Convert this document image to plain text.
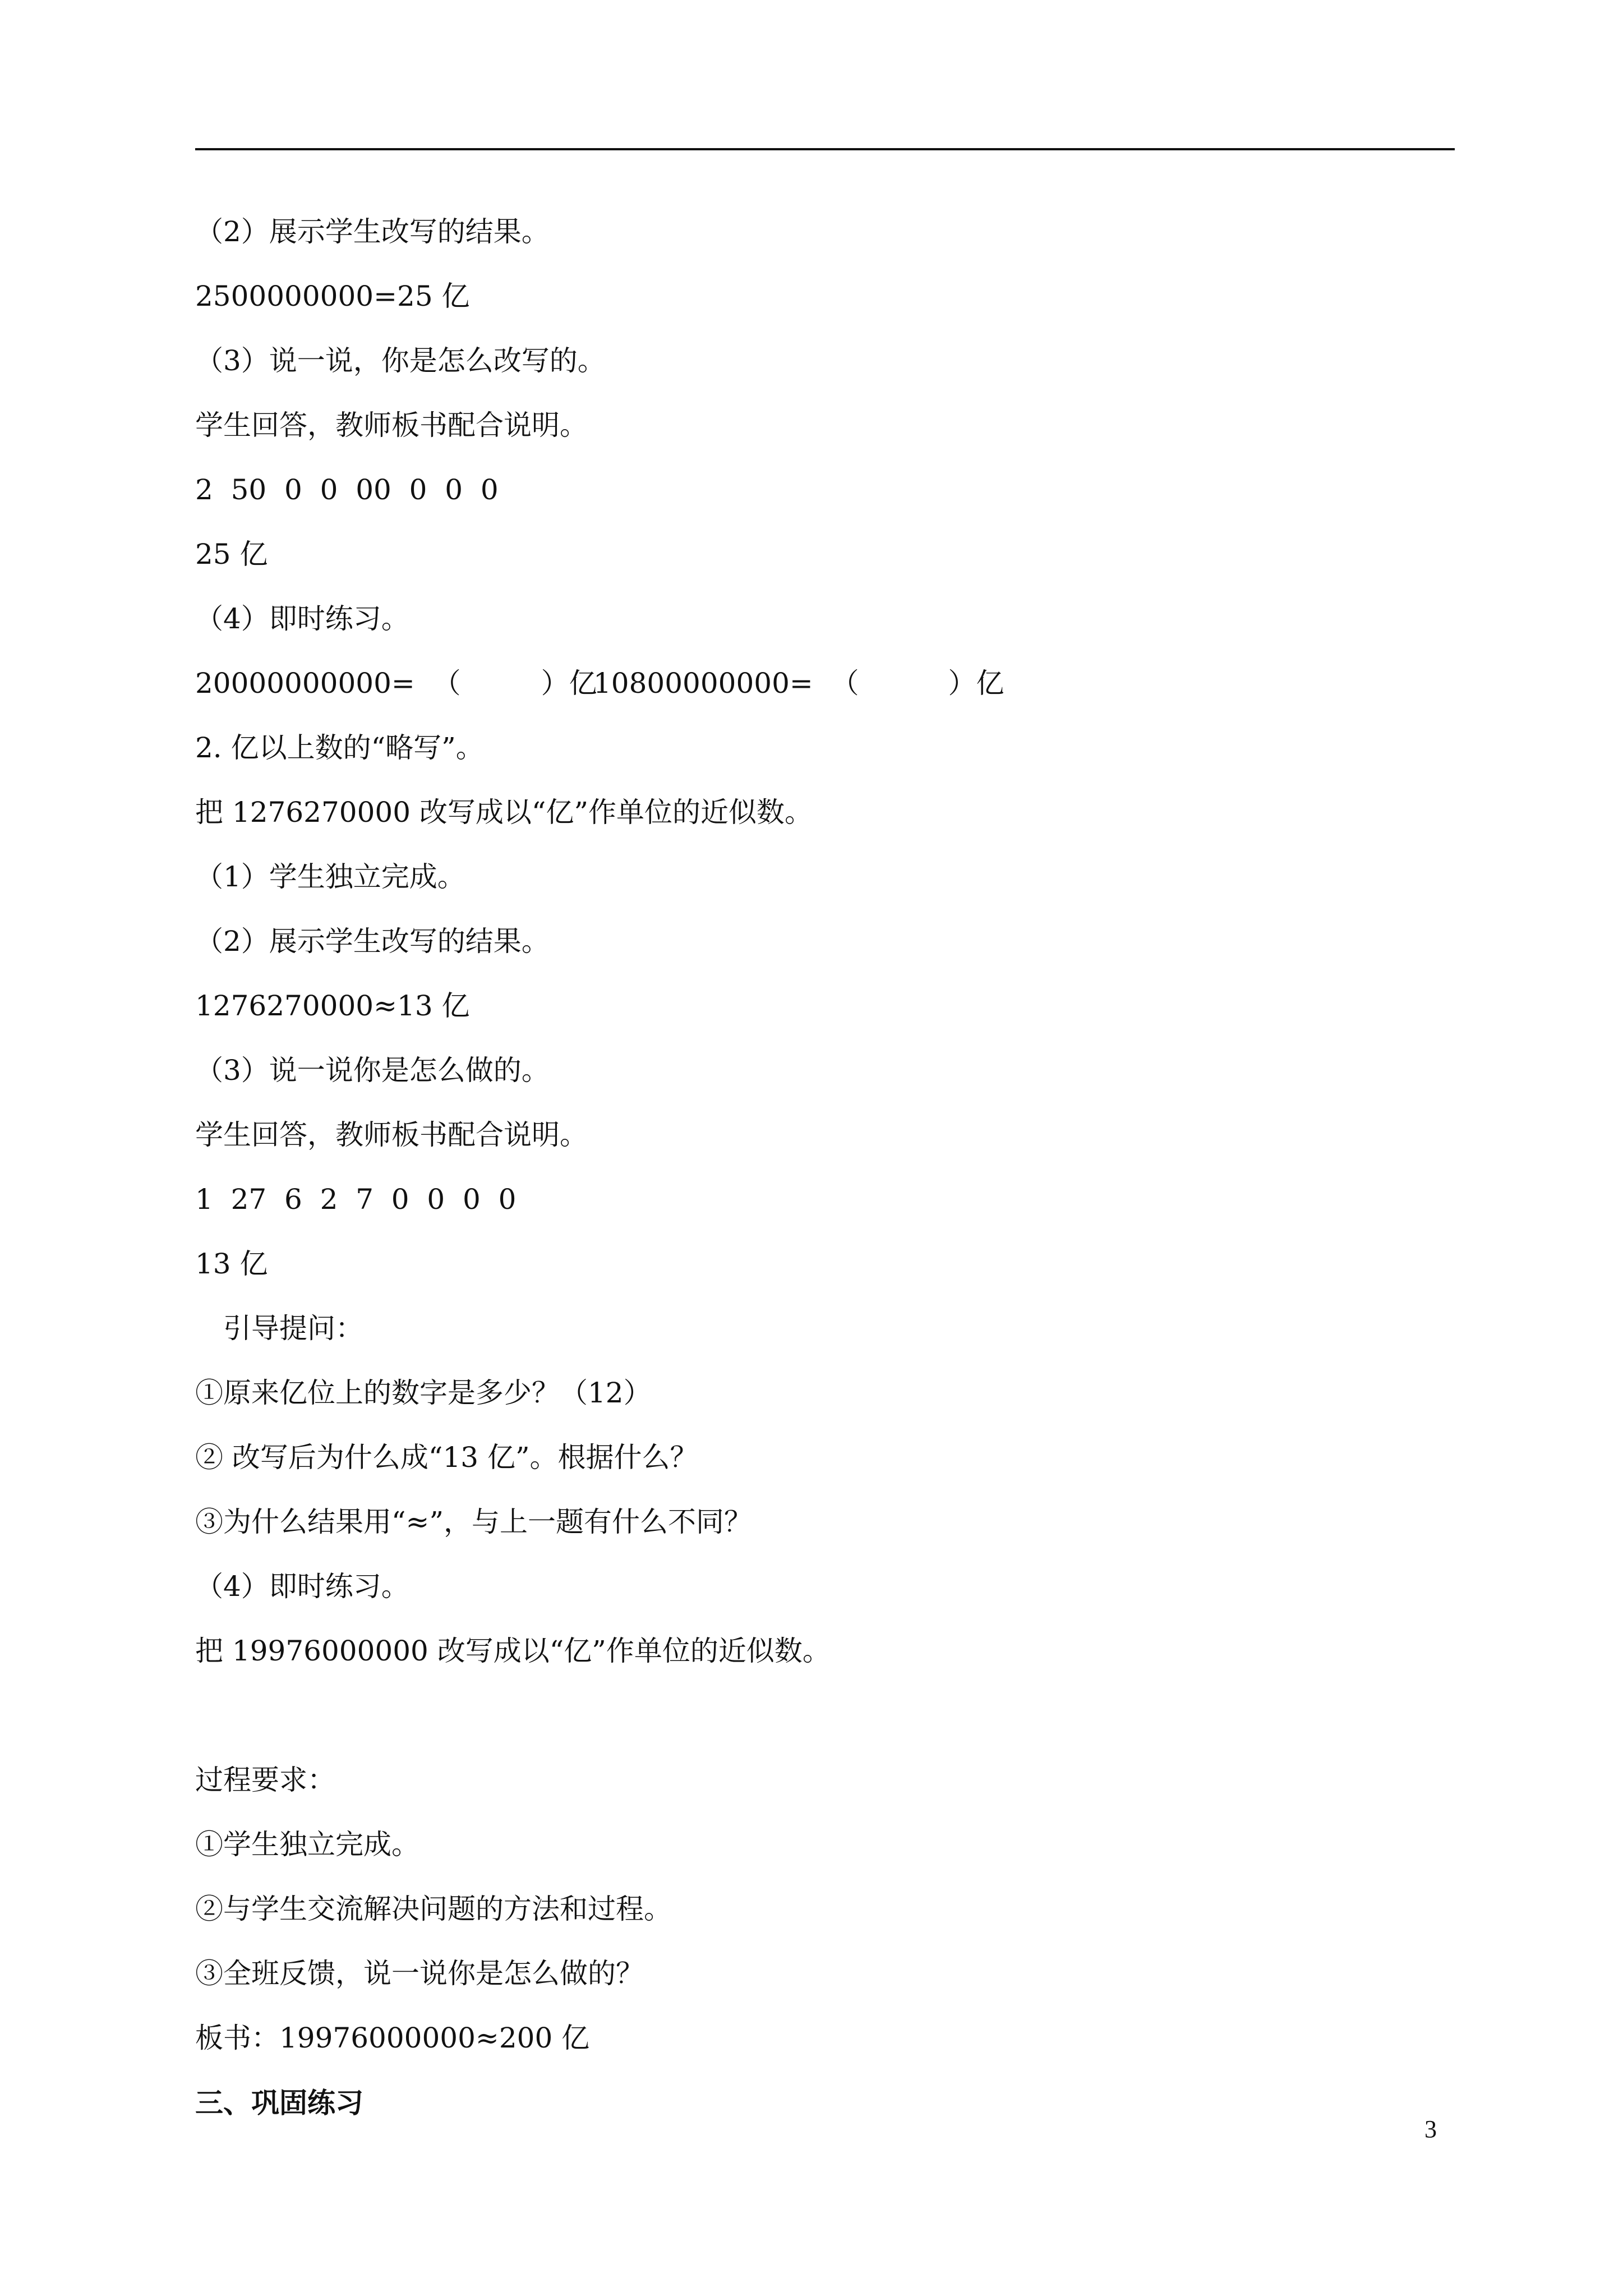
（2）展示学生改写的结果。
2500000000=25 亿
（3）说一说，你是怎么改写的。
学生回答，教师板书配合说明。
2  50  0  0  00  0  0  0
25 亿
（4）即时练习。
20000000000=  （         ）亿
10800000000=  （          ）亿
2. 亿以上数的“略写”。
把 1276270000 改写成以“亿”作单位的近似数。
（1）学生独立完成。
（2）展示学生改写的结果。
1276270000≈13 亿
（3）说一说你是怎么做的。
学生回答，教师板书配合说明。
1  27  6  2  7  0  0  0  0
13 亿
引导提问：
①原来亿位上的数字是多少？（12）
② 改写后为什么成“13 亿”。根据什么？
③为什么结果用“≈”，与上一题有什么不同？
（4）即时练习。
把 19976000000 改写成以“亿”作单位的近似数。
过程要求：
①学生独立完成。
②与学生交流解决问题的方法和过程。
③全班反馈，说一说你是怎么做的？
板书：19976000000≈200 亿
三、巩固练习
3
